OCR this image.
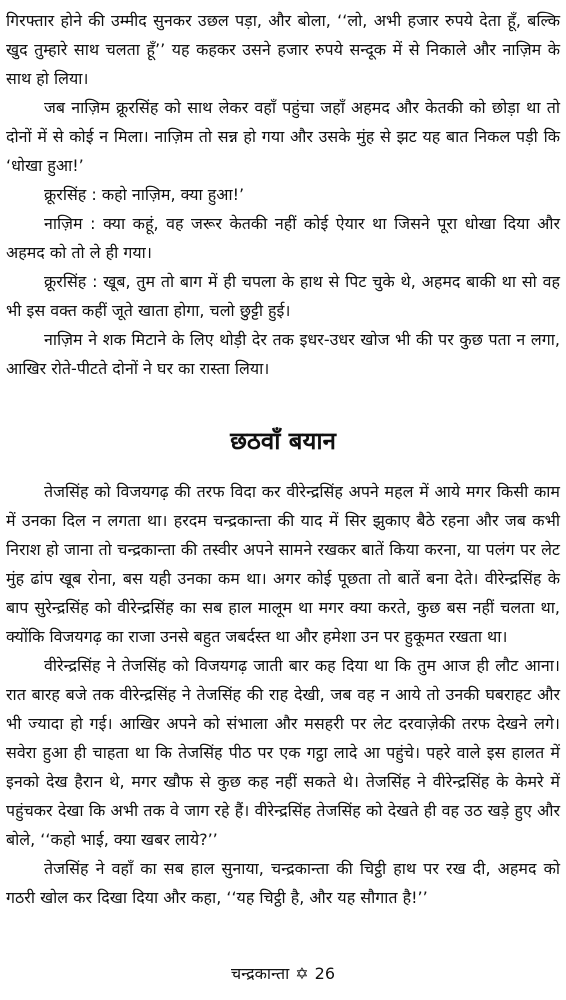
गिरफ्तार होने की उम्मीद सुनकर उछल पड़ा, और बोला, ‘‘लो, अभी हजार रुपये देता हूँ, बल्कि खुद तुम्हारे साथ चलता हूँ’’ यह कहकर उसने हजार रुपये सन्दूक में से निकाले और नाज़िम के साथ हो लिया।

जब नाज़िम क्रूरसिंह को साथ लेकर वहाँ पहुंचा जहाँ अहमद और केतकी को छोड़ा था तो दोनों में से कोई न मिला। नाज़िम तो सन्न हो गया और उसके मुंह से झट यह बात निकल पड़ी कि ‘धोखा हुआ!’

क्रूरसिंह : कहो नाज़िम, क्या हुआ!’

नाज़िम : क्या कहूं, वह जरूर केतकी नहीं कोई ऐयार था जिसने पूरा धोखा दिया और अहमद को तो ले ही गया।

क्रूरसिंह : खूब, तुम तो बाग में ही चपला के हाथ से पिट चुके थे, अहमद बाकी था सो वह भी इस वक्त कहीं जूते खाता होगा, चलो छुट्टी हुई।

नाज़िम ने शक मिटाने के लिए थोड़ी देर तक इधर-उधर खोज भी की पर कुछ पता न लगा, आखिर रोते-पीटते दोनों ने घर का रास्ता लिया।

छठवाँ बयान

तेजसिंह को विजयगढ़ की तरफ विदा कर वीरेन्द्रसिंह अपने महल में आये मगर किसी काम में उनका दिल न लगता था। हरदम चन्द्रकान्ता की याद में सिर झुकाए बैठे रहना और जब कभी निराश हो जाना तो चन्द्रकान्ता की तस्वीर अपने सामने रखकर बातें किया करना, या पलंग पर लेट मुंह ढांप खूब रोना, बस यही उनका कम था। अगर कोई पूछता तो बातें बना देते। वीरेन्द्रसिंह के बाप सुरेन्द्रसिंह को वीरेन्द्रसिंह का सब हाल मालूम था मगर क्या करते, कुछ बस नहीं चलता था, क्योंकि विजयगढ़ का राजा उनसे बहुत जबर्दस्त था और हमेशा उन पर हुकूमत रखता था।

वीरेन्द्रसिंह ने तेजसिंह को विजयगढ़ जाती बार कह दिया था कि तुम आज ही लौट आना। रात बारह बजे तक वीरेन्द्रसिंह ने तेजसिंह की राह देखी, जब वह न आये तो उनकी घबराहट और भी ज्यादा हो गई। आखिर अपने को संभाला और मसहरी पर लेट दरवाज़ेकी तरफ देखने लगे। सवेरा हुआ ही चाहता था कि तेजसिंह पीठ पर एक गट्ठा लादे आ पहुंचे। पहरे वाले इस हालत में इनको देख हैरान थे, मगर खौफ से कुछ कह नहीं सकते थे। तेजसिंह ने वीरेन्द्रसिंह के केमरे में पहुंचकर देखा कि अभी तक वे जाग रहे हैं। वीरेन्द्रसिंह तेजसिंह को देखते ही वह उठ खड़े हुए और बोले, ‘‘कहो भाई, क्या खबर लाये?’’

तेजसिंह ने वहाँ का सब हाल सुनाया, चन्द्रकान्ता की चिट्ठी हाथ पर रख दी, अहमद को गठरी खोल कर दिखा दिया और कहा, ‘‘यह चिट्ठी है, और यह सौगात है!’’

चन्द्रकान्ता ✡ 26
